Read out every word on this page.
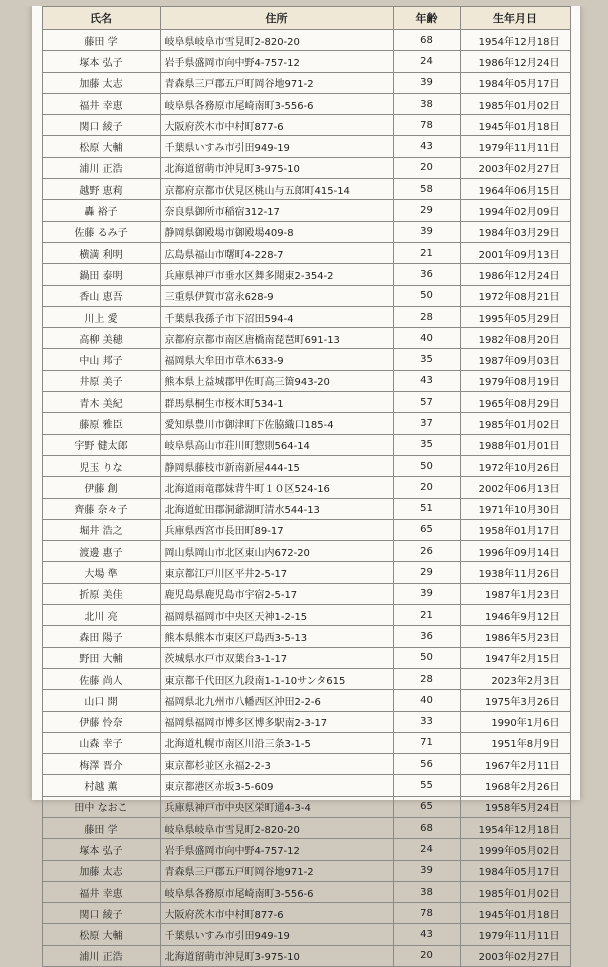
氏名	住所	年齢	生年月日
藤田 学	岐阜県岐阜市雪見町2-820-20	68	1954年12月18日
塚本 弘子	岩手県盛岡市向中野4-757-12	24	1986年12月24日
加藤 太志	青森県三戸郡五戸町岡谷地971-2	39	1984年05月17日
福井 幸恵	岐阜県各務原市尾崎南町3-556-6	38	1985年01月02日
関口 綾子	大阪府茨木市中村町877-6	78	1945年01月18日
松原 大輔	千葉県いすみ市引田949-19	43	1979年11月11日
浦川 正浩	北海道留萌市沖見町3-975-10	20	2003年02月27日
越野 恵莉	京都府京都市伏見区桃山与五郎町415-14	58	1964年06月15日
轟 裕子	奈良県御所市稲宿312-17	29	1994年02月09日
佐藤 るみ子	静岡県御殿場市御殿場409-8	39	1984年03月29日
横満 利明	広島県福山市曙町4-228-7	21	2001年09月13日
鍋田 泰明	兵庫県神戸市垂水区舞多聞東2-354-2	36	1986年12月24日
香山 恵吾	三重県伊賀市富永628-9	50	1972年08月21日
川上 愛	千葉県我孫子市下沼田594-4	28	1995年05月29日
高柳 美穂	京都府京都市南区唐橋南琵琶町691-13	40	1982年08月20日
中山 邦子	福岡県大牟田市草木633-9	35	1987年09月03日
井原 美子	熊本県上益城郡甲佐町高三箇943-20	43	1979年08月19日
青木 美紀	群馬県桐生市桜木町534-1	57	1965年08月29日
藤原 雅臣	愛知県豊川市御津町下佐脇織口185-4	37	1985年01月02日
宇野 健太郎	岐阜県高山市荘川町惣則564-14	35	1988年01月01日
児玉 りな	静岡県藤枝市新南新屋444-15	50	1972年10月26日
伊藤 創	北海道雨竜郡妹背牛町１０区524-16	20	2002年06月13日
齊藤 奈々子	北海道虻田郡洞爺湖町清水544-13	51	1971年10月30日
堀井 浩之	兵庫県西宮市長田町89-17	65	1958年01月17日
渡邊 惠子	岡山県岡山市北区東山内672-20	26	1996年09月14日
大場 準	東京都江戸川区平井2-5-17	29	1938年11月26日
折原 美佳	鹿児島県鹿児島市宇宿2-5-17	39	1987年1月23日
北川 亮	福岡県福岡市中央区天神1-2-15	21	1946年9月12日
森田 陽子	熊本県熊本市東区戸島西3-5-13	36	1986年5月23日
野田 大輔	茨城県水戸市双葉台3-1-17	50	1947年2月15日
佐藤 尚人	東京都千代田区九段南1-1-10サンタ615	28	2023年2月3日
山口 開	福岡県北九州市八幡西区沖田2-2-6	40	1975年3月26日
伊藤 怜奈	福岡県福岡市博多区博多駅南2-3-17	33	1990年1月6日
山森 幸子	北海道札幌市南区川沿三条3-1-5	71	1951年8月9日
梅澤 晋介	東京都杉並区永福2-2-3	56	1967年2月11日
村越 薫	東京都港区赤坂3-5-609	55	1968年2月26日
田中 なおこ	兵庫県神戸市中央区栄町通4-3-4	65	1958年5月24日
藤田 学	岐阜県岐阜市雪見町2-820-20	68	1954年12月18日
塚本 弘子	岩手県盛岡市向中野4-757-12	24	1999年05月02日
加藤 太志	青森県三戸郡五戸町岡谷地971-2	39	1984年05月17日
福井 幸恵	岐阜県各務原市尾崎南町3-556-6	38	1985年01月02日
関口 綾子	大阪府茨木市中村町877-6	78	1945年01月18日
松原 大輔	千葉県いすみ市引田949-19	43	1979年11月11日
浦川 正浩	北海道留萌市沖見町3-975-10	20	2003年02月27日
